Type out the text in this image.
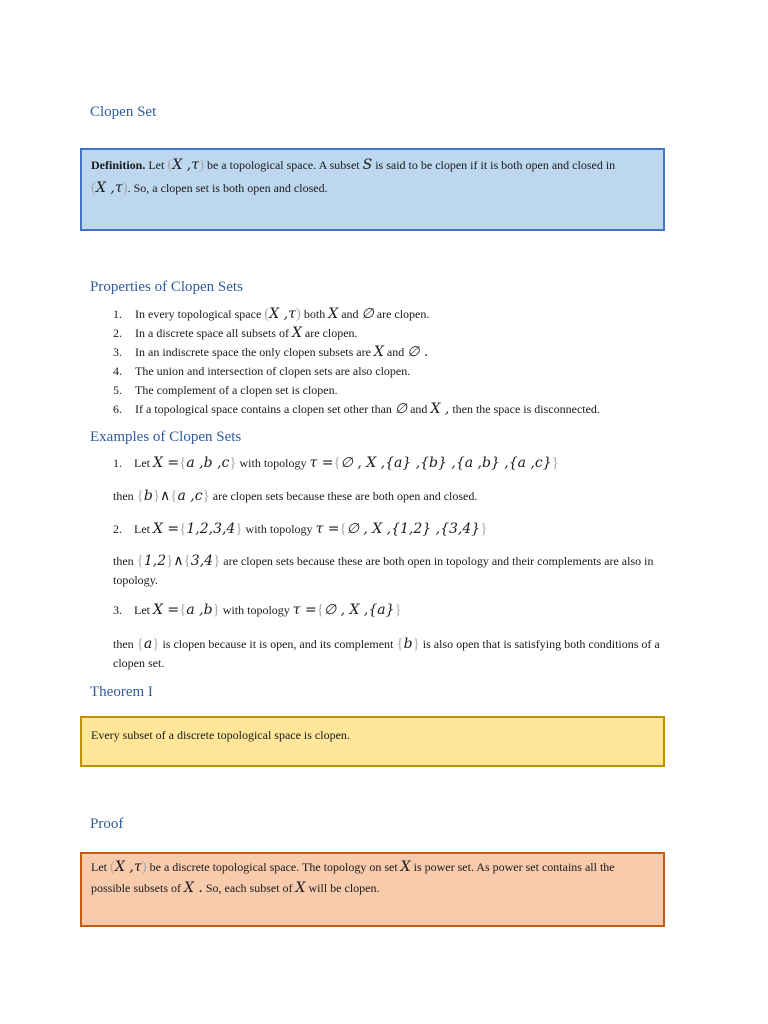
Clopen Set
Definition. Let (X ,τ) be a topological space. A subset S is said to be clopen if it is both open and closed in
(X ,τ). So, a clopen set is both open and closed.
Properties of Clopen Sets
1. In every topological space (X ,τ) both X and ∅ are clopen.
2. In a discrete space all subsets of X are clopen.
3. In an indiscrete space the only clopen subsets are X and ∅ .
4. The union and intersection of clopen sets are also clopen.
5. The complement of a clopen set is clopen.
6. If a topological space contains a clopen set other than ∅ and X , then the space is disconnected.
Examples of Clopen Sets
1. Let X ={a ,b ,c} with topology τ ={∅ , X ,{a} ,{b} ,{a ,b} ,{a ,c}}
then {b}∧{a ,c} are clopen sets because these are both open and closed.
2. Let X ={1,2,3,4} with topology τ ={∅ , X ,{1,2} ,{3,4}}
then {1,2}∧{3,4} are clopen sets because these are both open in topology and their complements are also in topology.
3. Let X ={a ,b} with topology τ ={∅ , X ,{a}}
then {a} is clopen because it is open, and its complement {b} is also open that is satisfying both conditions of a clopen set.
Theorem I
Every subset of a discrete topological space is clopen.
Proof
Let (X ,τ) be a discrete topological space. The topology on set X is power set. As power set contains all the possible subsets of X . So, each subset of X will be clopen.
